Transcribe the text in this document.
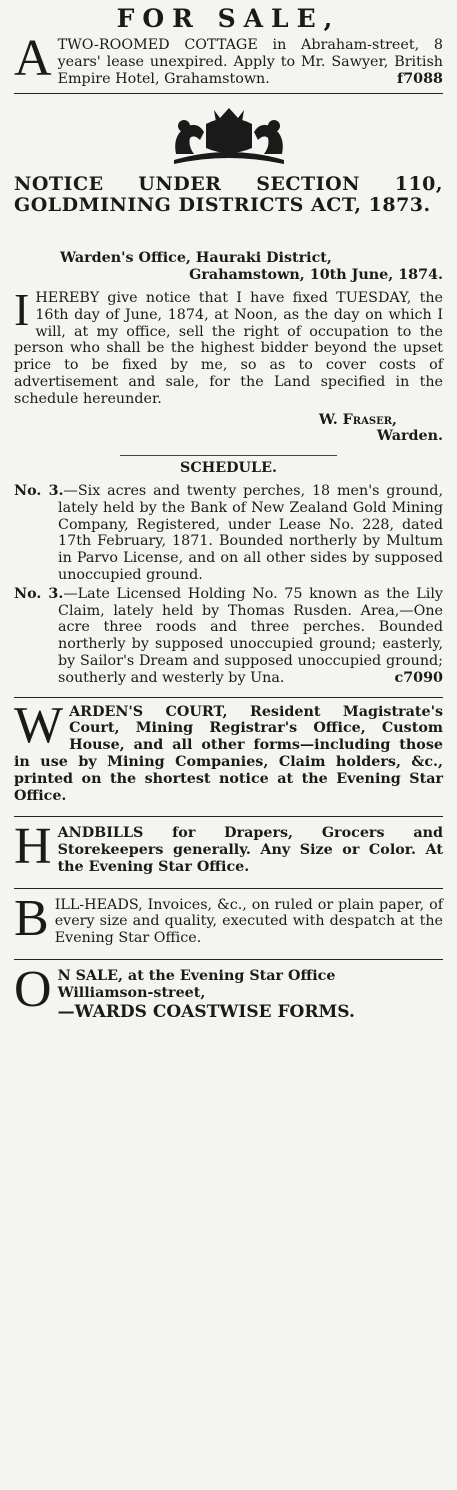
FOR SALE,
A TWO-ROOMED COTTAGE in Abraham-street, 8 years' lease unexpired. Apply to Mr. Sawyer, British Empire Hotel, Grahamstown.	f7088
NOTICE UNDER SECTION 110, GOLDMINING DISTRICTS ACT, 1873.
Warden's Office, Hauraki District,
Grahamstown, 10th June, 1874.
I HEREBY give notice that I have fixed TUESDAY, the 16th day of June, 1874, at Noon, as the day on which I will, at my office, sell the right of occupation to the person who shall be the highest bidder beyond the upset price to be fixed by me, so as to cover costs of advertisement and sale, for the Land specified in the schedule hereunder.
W. Fraser,
Warden.
SCHEDULE.
No. 3.—Six acres and twenty perches, 18 men's ground, lately held by the Bank of New Zealand Gold Mining Company, Registered, under Lease No. 228, dated 17th February, 1871. Bounded northerly by Multum in Parvo License, and on all other sides by supposed unoccupied ground.
No. 3.—Late Licensed Holding No. 75 known as the Lily Claim, lately held by Thomas Rusden. Area,—One acre three roods and three perches. Bounded northerly by supposed unoccupied ground; easterly, by Sailor's Dream and supposed unoccupied ground; southerly and westerly by Una.	c7090
W ARDEN'S COURT, Resident Magistrate's Court, Mining Registrar's Office, Custom House, and all other forms—including those in use by Mining Companies, Claim holders, &c., printed on the shortest notice at the Evening Star Office.
H ANDBILLS for Drapers, Grocers and Storekeepers generally. Any Size or Color. At the Evening Star Office.
B ILL-HEADS, Invoices, &c., on ruled or plain paper, of every size and quality, executed with despatch at the Evening Star Office.
O N SALE, at the Evening Star Office
Williamson-street,
—WARDS COASTWISE FORMS.
